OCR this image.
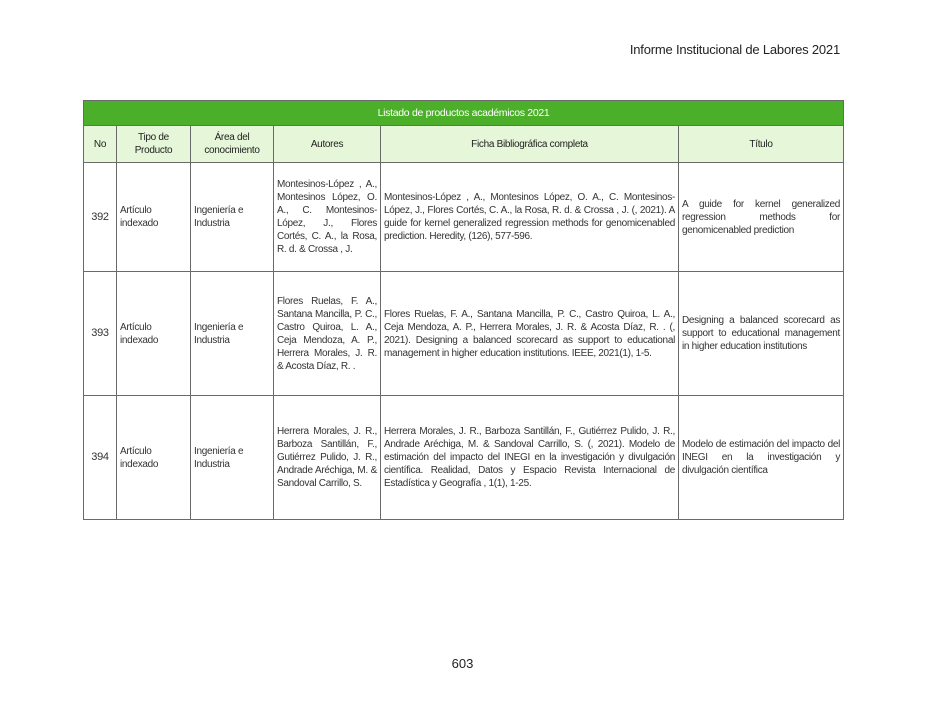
Informe Institucional de Labores 2021
Listado de productos académicos 2021					
No	Tipo de Producto	Área del conocimiento	Autores	Ficha Bibliográfica completa	Título
392	Artículo indexado	Ingeniería e Industria	Montesinos-López , A., Montesinos López, O. A., C. Montesinos-López, J., Flores Cortés, C. A., la Rosa, R. d. & Crossa , J.	Montesinos-López , A., Montesinos López, O. A., C. Montesinos-López, J., Flores Cortés, C. A., la Rosa, R. d. & Crossa , J. (, 2021). A guide for kernel generalized regression methods for genomicenabled prediction. Heredity, (126), 577-596.	A guide for kernel generalized regression methods for genomicenabled prediction
393	Artículo indexado	Ingeniería e Industria	Flores Ruelas, F. A., Santana Mancilla, P. C., Castro Quiroa, L. A., Ceja Mendoza, A. P., Herrera Morales, J. R. & Acosta Díaz, R. .	Flores Ruelas, F. A., Santana Mancilla, P. C., Castro Quiroa, L. A., Ceja Mendoza, A. P., Herrera Morales, J. R. & Acosta Díaz, R. . (, 2021). Designing a balanced scorecard as support to educational management in higher education institutions. IEEE, 2021(1), 1-5.	Designing a balanced scorecard as support to educational management in higher education institutions
394	Artículo indexado	Ingeniería e Industria	Herrera Morales, J. R., Barboza Santillán, F., Gutiérrez Pulido, J. R., Andrade Aréchiga, M. & Sandoval Carrillo, S.	Herrera Morales, J. R., Barboza Santillán, F., Gutiérrez Pulido, J. R., Andrade Aréchiga, M. & Sandoval Carrillo, S. (, 2021). Modelo de estimación del impacto del INEGI en la investigación y divulgación científica. Realidad, Datos y Espacio Revista Internacional de Estadística y Geografía , 1(1), 1-25.	Modelo de estimación del impacto del INEGI en la investigación y divulgación científica
603
